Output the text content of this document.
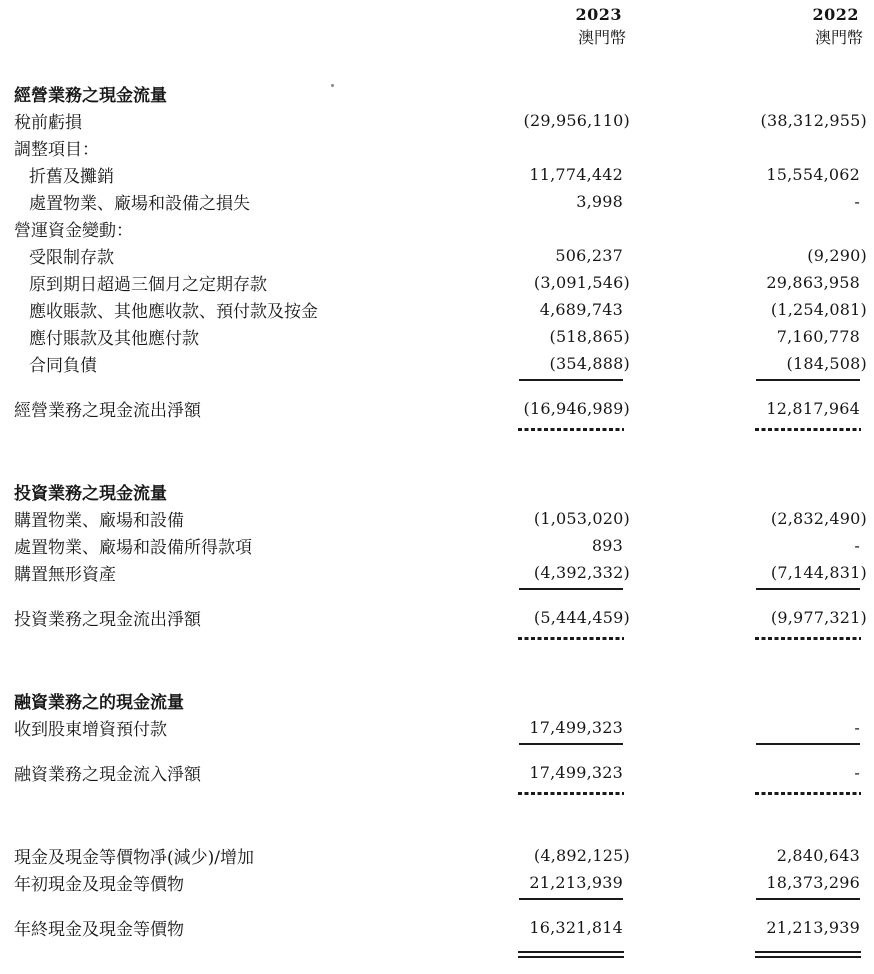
2023	2022
澳門幣	澳門幣
經營業務之現金流量
稅前虧損	(29,956,110)	(38,312,955)
調整項目：
折舊及攤銷	11,774,442	15,554,062
處置物業、廠場和設備之損失	3,998	-
營運資金變動：
受限制存款	506,237	(9,290)
原到期日超過三個月之定期存款	(3,091,546)	29,863,958
應收賬款、其他應收款、預付款及按金	4,689,743	(1,254,081)
應付賬款及其他應付款	(518,865)	7,160,778
合同負債	(354,888)	(184,508)
經營業務之現金流出淨額	(16,946,989)	12,817,964
投資業務之現金流量
購置物業、廠場和設備	(1,053,020)	(2,832,490)
處置物業、廠場和設備所得款項	893	-
購置無形資產	(4,392,332)	(7,144,831)
投資業務之現金流出淨額	(5,444,459)	(9,977,321)
融資業務之的現金流量
收到股東增資預付款	17,499,323	-
融資業務之現金流入淨額	17,499,323	-
現金及現金等價物凈(減少)/增加	(4,892,125)	2,840,643
年初現金及現金等價物	21,213,939	18,373,296
年終現金及現金等價物	16,321,814	21,213,939
